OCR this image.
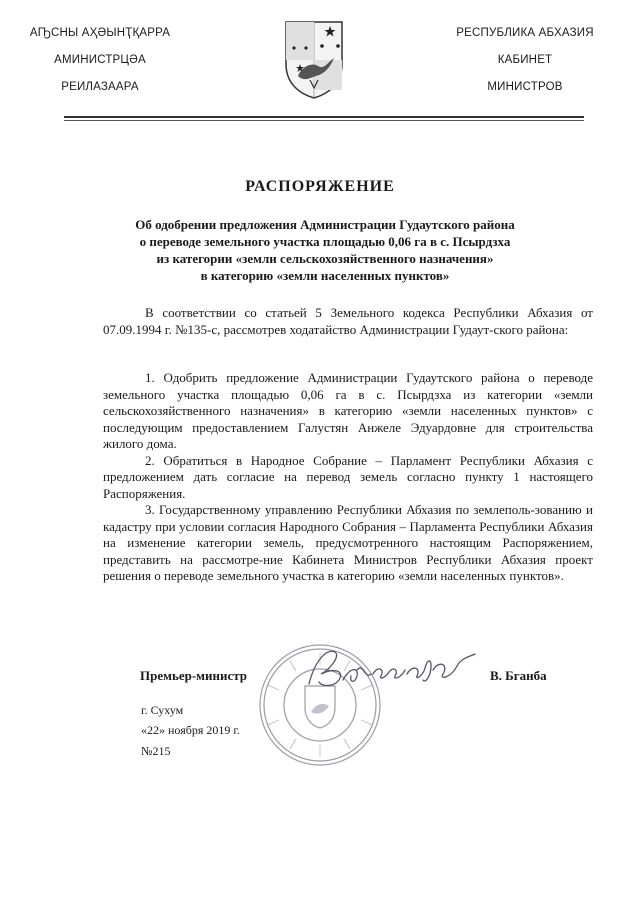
АҦСНЫ АҲӘЫНҬҚАРРА
АМИНИСТРЦӘА
РЕИЛАЗААРА
РЕСПУБЛИКА АБХАЗИЯ
КАБИНЕТ
МИНИСТРОВ
РАСПОРЯЖЕНИЕ
Об одобрении предложения Администрации Гудаутского района
о переводе земельного участка площадью 0,06 га в с. Псырдзха
из категории «земли сельскохозяйственного назначения»
в категорию «земли населенных пунктов»
В соответствии со статьей 5 Земельного кодекса Республики Абхазия от 07.09.1994 г. №135-с, рассмотрев ходатайство Администрации Гудаут-ского района:

1. Одобрить предложение Администрации Гудаутского района о переводе земельного участка площадью 0,06 га в с. Псырдзха из категории «земли сельскохозяйственного назначения» в категорию «земли населенных пунктов» с последующим предоставлением Галустян Анжеле Эдуардовне для строительства жилого дома.

2. Обратиться в Народное Собрание – Парламент Республики Абхазия с предложением дать согласие на перевод земель согласно пункту 1 настоящего Распоряжения.

3. Государственному управлению Республики Абхазия по землеполь-зованию и кадастру при условии согласия Народного Собрания – Парламента Республики Абхазия на изменение категории земель, предусмотренного настоящим Распоряжением, представить на рассмотре-ние Кабинета Министров Республики Абхазия проект решения о переводе земельного участка в категорию «земли населенных пунктов».

Премьер-министр	В. Бганба
г. Сухум
«22» ноября 2019 г.
№215
